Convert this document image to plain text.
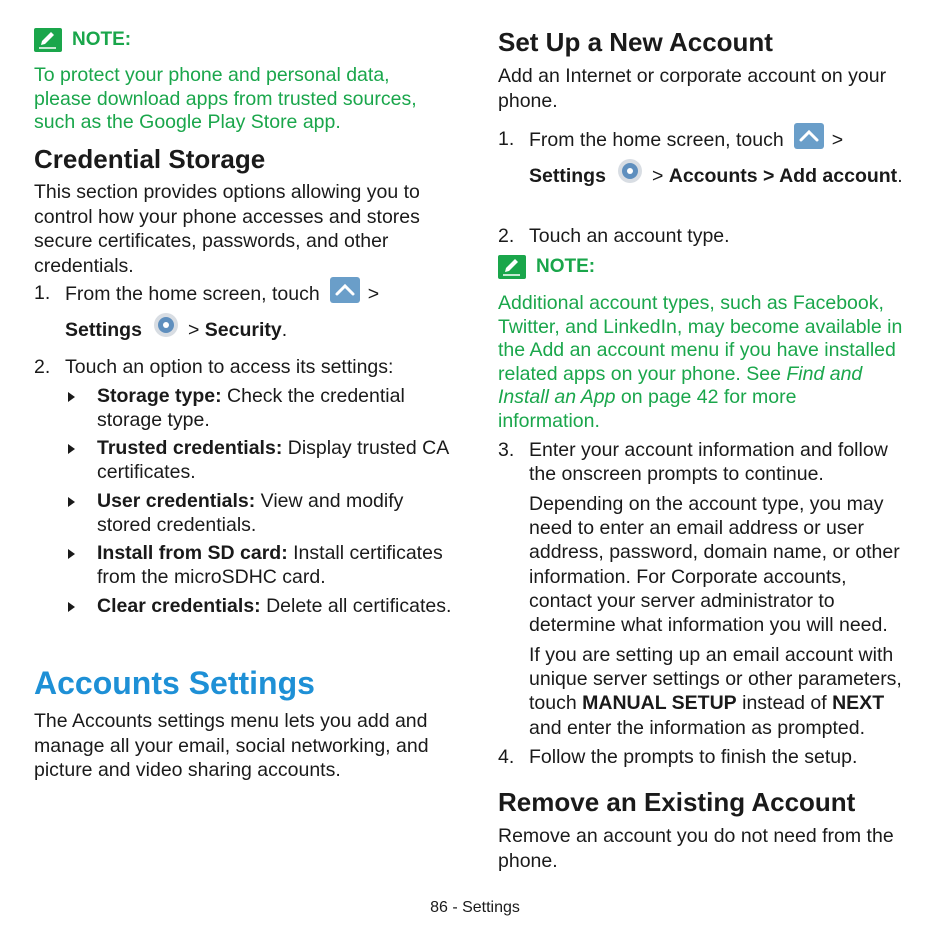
NOTE:

To protect your phone and personal data, please download apps from trusted sources, such as the Google Play Store app.

Credential Storage

This section provides options allowing you to control how your phone accesses and stores secure certificates, passwords, and other credentials.

1. From the home screen, touch >
Settings > Security.
2. Touch an option to access its settings:
Storage type: Check the credential storage type.
Trusted credentials: Display trusted CA certificates.
User credentials: View and modify stored credentials.
Install from SD card: Install certificates from the microSDHC card.
Clear credentials: Delete all certificates.
Accounts Settings

The Accounts settings menu lets you add and manage all your email, social networking, and picture and video sharing accounts.

Set Up a New Account

Add an Internet or corporate account on your phone.

1. From the home screen, touch >
Settings > Accounts > Add account.
2. Touch an account type.
NOTE:

Additional account types, such as Facebook, Twitter, and LinkedIn, may become available in the Add an account menu if you have installed related apps on your phone. See Find and Install an App on page 42 for more information.

3. Enter your account information and follow the onscreen prompts to continue.

Depending on the account type, you may need to enter an email address or user address, password, domain name, or other information. For Corporate accounts, contact your server administrator to determine what information you will need.

If you are setting up an email account with unique server settings or other parameters, touch MANUAL SETUP instead of NEXT and enter the information as prompted.

4. Follow the prompts to finish the setup.
Remove an Existing Account

Remove an account you do not need from the phone.

86 - Settings
